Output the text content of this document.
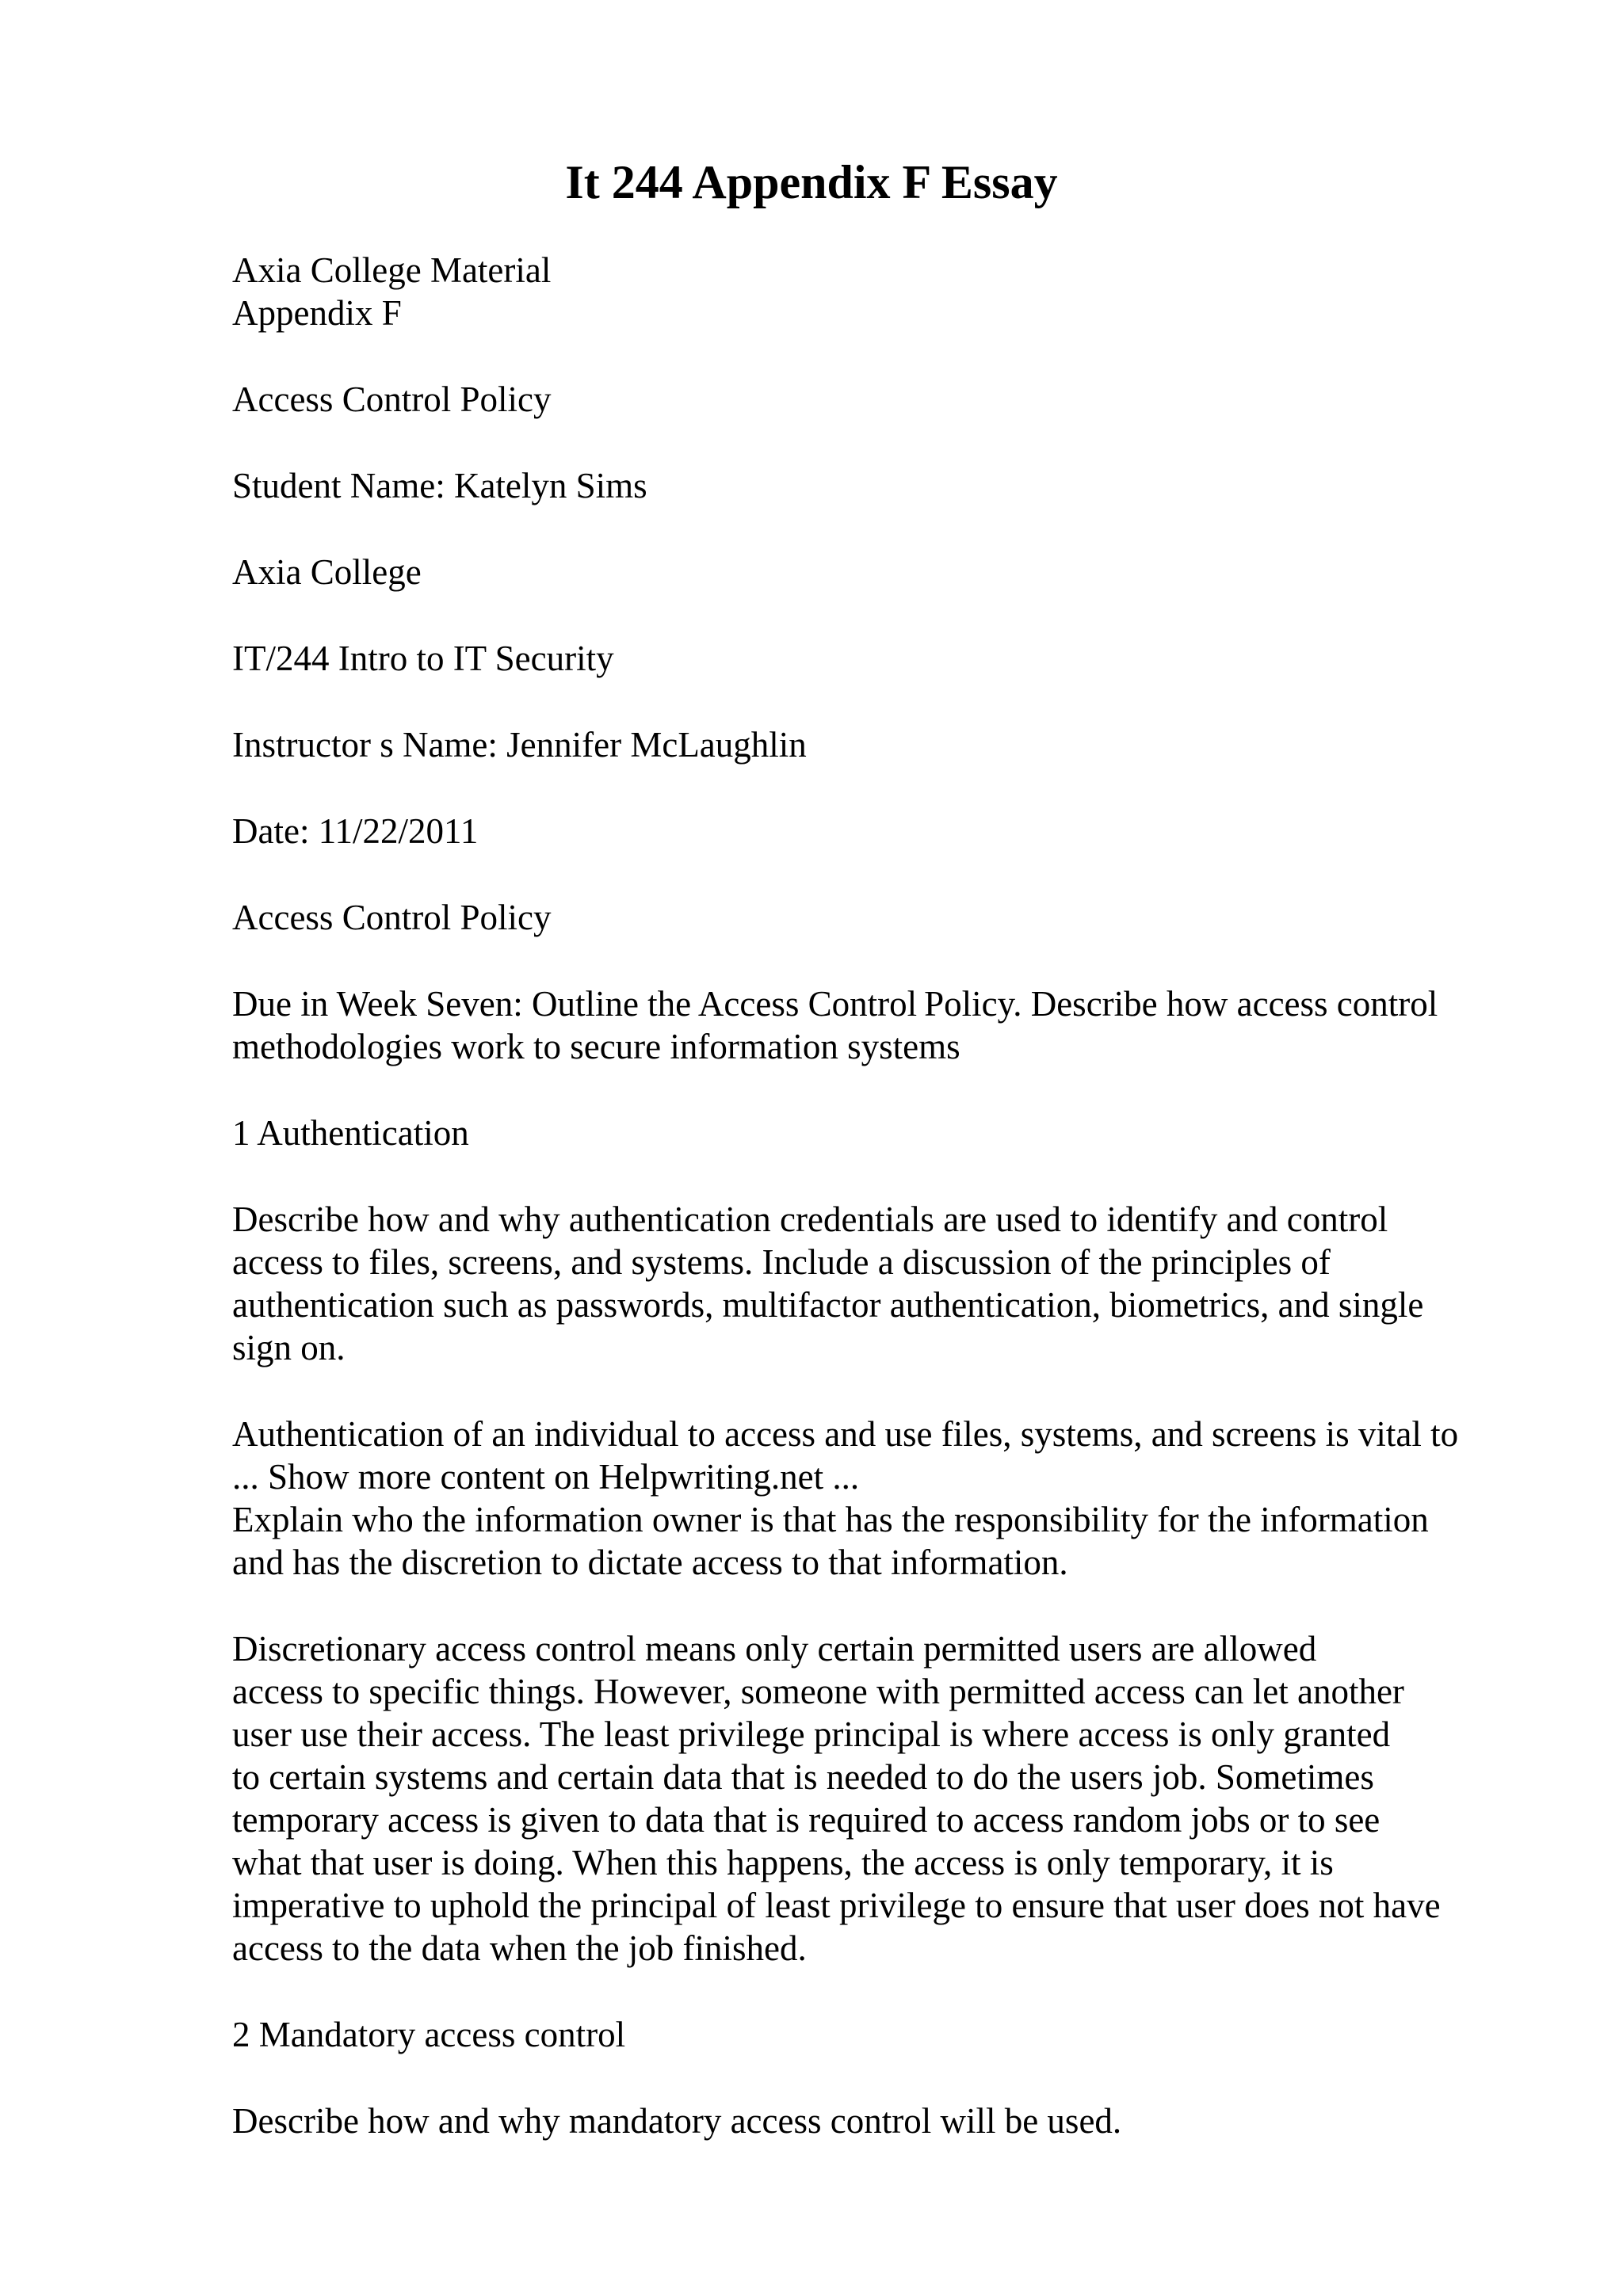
It 244 Appendix F Essay
Axia College Material
Appendix F
Access Control Policy
Student Name: Katelyn Sims
Axia College
IT/244 Intro to IT Security
Instructor s Name: Jennifer McLaughlin
Date: 11/22/2011
Access Control Policy
Due in Week Seven: Outline the Access Control Policy. Describe how access control
methodologies work to secure information systems
1 Authentication
Describe how and why authentication credentials are used to identify and control
access to files, screens, and systems. Include a discussion of the principles of
authentication such as passwords, multifactor authentication, biometrics, and single
sign on.
Authentication of an individual to access and use files, systems, and screens is vital to
... Show more content on Helpwriting.net ...
Explain who the information owner is that has the responsibility for the information
and has the discretion to dictate access to that information.
Discretionary access control means only certain permitted users are allowed
access to specific things. However, someone with permitted access can let another
user use their access. The least privilege principal is where access is only granted
to certain systems and certain data that is needed to do the users job. Sometimes
temporary access is given to data that is required to access random jobs or to see
what that user is doing. When this happens, the access is only temporary, it is
imperative to uphold the principal of least privilege to ensure that user does not have
access to the data when the job finished.
2 Mandatory access control
Describe how and why mandatory access control will be used.
